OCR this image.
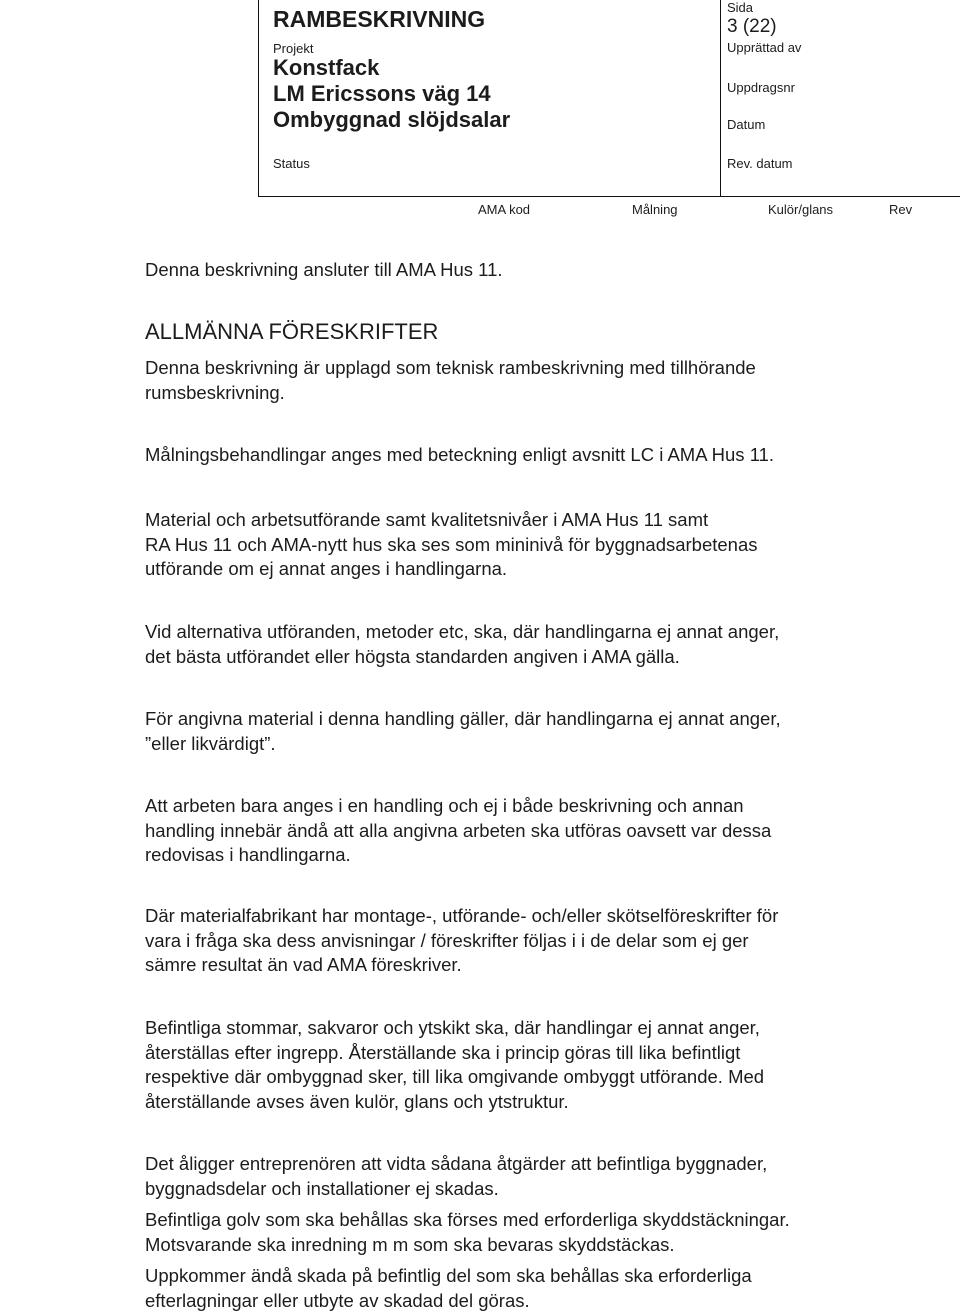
RAMBESKRIVNING
Projekt
Konstfack
LM Ericssons väg 14
Ombyggnad slöjdsalar
Status
Sida
3 (22)
Upprättad av
Uppdragsnr
Datum
Rev. datum
AMA kod	Målning	Kulör/glans	Rev

Denna beskrivning ansluter till AMA Hus 11.

ALLMÄNNA FÖRESKRIFTER

Denna beskrivning är upplagd som teknisk rambeskrivning med tillhörande
rumsbeskrivning.
Målningsbehandlingar anges med beteckning enligt avsnitt LC i AMA Hus 11.
Material och arbetsutförande samt kvalitetsnivåer i AMA Hus 11 samt
RA Hus 11 och AMA-nytt hus ska ses som mininivå för byggnadsarbetenas
utförande om ej annat anges i handlingarna.
Vid alternativa utföranden, metoder etc, ska, där handlingarna ej annat anger,
det bästa utförandet eller högsta standarden angiven i AMA gälla.
För angivna material i denna handling gäller, där handlingarna ej annat anger,
”eller likvärdigt”.
Att arbeten bara anges i en handling och ej i både beskrivning och annan
handling innebär ändå att alla angivna arbeten ska utföras oavsett var dessa
redovisas i handlingarna.
Där materialfabrikant har montage-, utförande- och/eller skötselföreskrifter för
vara i fråga ska dess anvisningar / föreskrifter följas i i de delar som ej ger
sämre resultat än vad AMA föreskriver.
Befintliga stommar, sakvaror och ytskikt ska, där handlingar ej annat anger,
återställas efter ingrepp. Återställande ska i princip göras till lika befintligt
respektive där ombyggnad sker, till lika omgivande ombyggt utförande. Med
återställande avses även kulör, glans och ytstruktur.
Det åligger entreprenören att vidta sådana åtgärder att befintliga byggnader,
byggnadsdelar och installationer ej skadas.
Befintliga golv som ska behållas ska förses med erforderliga skyddstäckningar.
Motsvarande ska inredning m m som ska bevaras skyddstäckas.
Uppkommer ändå skada på befintlig del som ska behållas ska erforderliga
efterlagningar eller utbyte av skadad del göras.
